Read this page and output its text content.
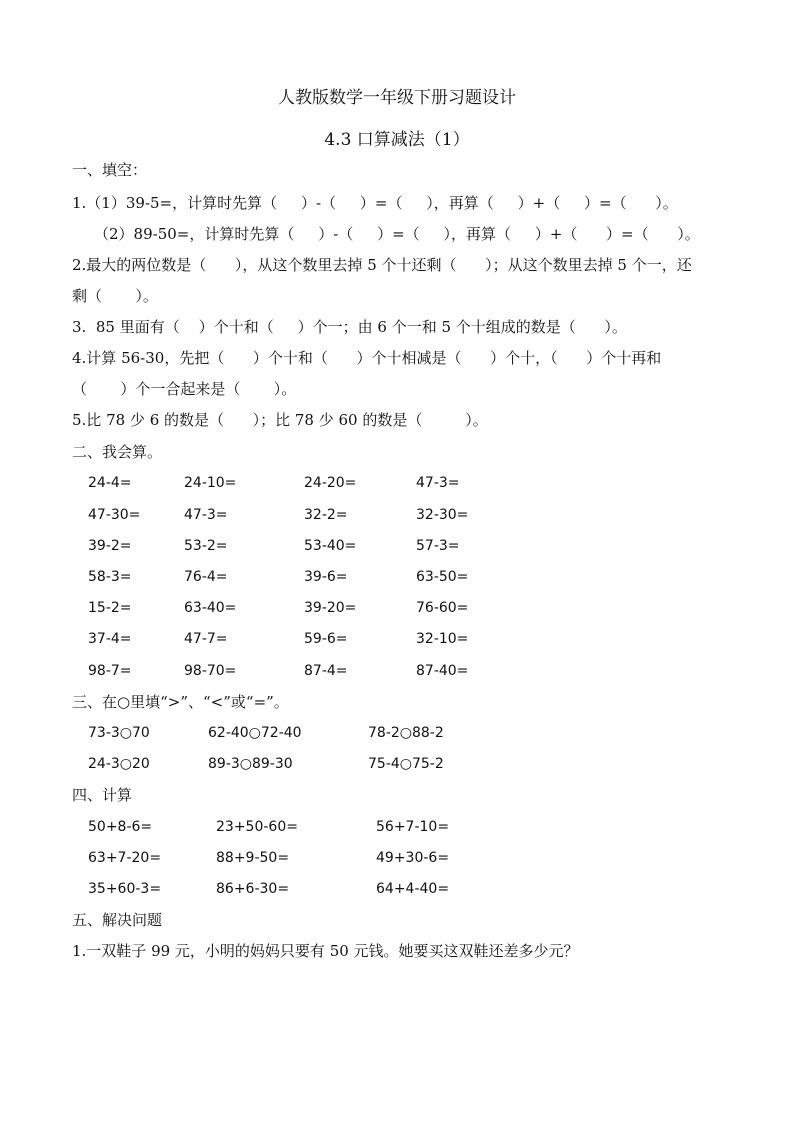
人教版数学一年级下册习题设计
4.3 口算减法（1）
一、填空：
1.（1）39-5=，计算时先算（     ）-（     ）=（     ），再算（     ）+（     ）=（      ）。
（2）89-50=，计算时先算（     ）-（     ）=（     ），再算（     ）+（      ）=（      ）。
2.最大的两位数是（      ），从这个数里去掉 5 个十还剩（      ）；从这个数里去掉 5 个一，还
剩（       ）。
3.  85 里面有（    ）个十和（     ）个一；由 6 个一和 5 个十组成的数是（      ）。
4.计算 56-30，先把（      ）个十和（      ）个十相减是（      ）个十，（      ）个十再和
（       ）个一合起来是（       ）。
5.比 78 少 6 的数是（      ）；比 78 少 60 的数是（         ）。
二、我会算。
24-4=	24-10=	24-20=	47-3=
47-30=	47-3=	32-2=	32-30=
39-2=	53-2=	53-40=	57-3=
58-3=	76-4=	39-6=	63-50=
15-2=	63-40=	39-20=	76-60=
37-4=	47-7=	59-6=	32-10=
98-7=	98-70=	87-4=	87-40=
三、在○里填“>”、“<”或“=”。
73-3○70	62-40○72-40	78-2○88-2
24-3○20	89-3○89-30	75-4○75-2
四、计算
50+8-6=	23+50-60=	56+7-10=
63+7-20=	88+9-50=	49+30-6=
35+60-3=	86+6-30=	64+4-40=
五、解决问题
1.一双鞋子 99 元，小明的妈妈只要有 50 元钱。她要买这双鞋还差多少元？
